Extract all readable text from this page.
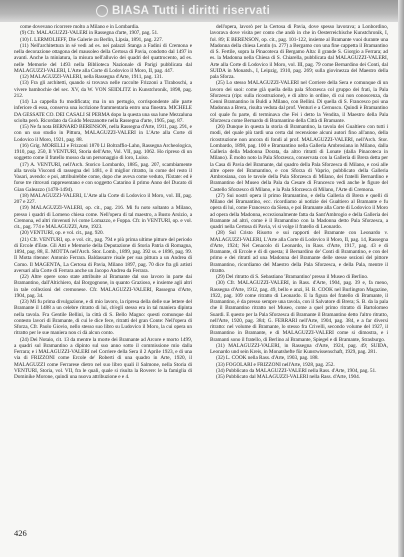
BIASA Tutti i diritti riservati

come dovevano ricorrere molto a Milano e in Lombardia.

(9) Cfr. MALAGUZZI-VALERI in Rassegna d'arte, 1907, pag. 51.

(10) I. LERMOLIEFF, Die Galerie zu Berlin, Lipsia, 1891, pag. 227.

(11) Nell'architettura in sé vedi ad es. nei palazzi Stanga a Fadini di Cremona e nella decorazione ottagona del mausoleo della Certosa di Pavia, condotto dal 1497 in avanti. Anche la miniatura, la misura nell'alluvio dei quadri del quattrocento, ad es. nelle Memorie del 1493 nella Biblioteca Nazionale di Parigi pubblicata dal MALAGUZZI-VALERI, L'Arte alla Corte di Lodovico il Moro, II, pag. 447.

(12) MALAGUZZI-VALERI, nella Rassegna d'Arte, 1911, pag. 131.

(13) Fra gli architetti, quando si trovava nelle raccolte Frizzoni a Tiraboschi, a vivere bambochie del sec. XV, da W. VON SEIDLITZ in Kunstchronik, 1898, pag. 212.

(14) La cappella fu modificata; ma in un pertugio, corrispondente alle parte inferiore di essa, conserva una iscrizione frammentaria entro una finestra. MICHELE DA GESSATE CO. DEI CASALI SI PERMA dopo la questa una sua lune Mezzaluna sciolta però. Ricordato da Guido Mezzanotte nella Rassegna d'arte, 1905, pag. 87.

(15) Ne fa nota BERNARD BERENSON, nella Rassegna d'Arte, 1911, pag. 291, e con un suo studio in Pittura, MALAGUZZI-VALERI in L'Arte alla Corte di Lodovico il Moro, 1921, pag. 88.

(16) Grig. MORELLI e Frizzoni 1870 Ll Boltraffio-Lahn, Rassegna Archeologica, 1910, pag. 250, Il VENTURI, Storia dell'Arte, Vol. VII, pag. 1062. Ho ripreso di un soggetto come il fratello mosso da un personaggio di loro, Luiso.

(17) A. VENTURI, nell'Arch. Storico Lombardo, 1885, pag. 207, scambiamente alla tavola Visconti di rassegna del 1481, e il miglior ritratto, in come del resto il Vasari, avendo: e poi, attribuirebbe come, dopo che aveva come veduto, l'Estate: ed è forse tre ritrovati rappresentano e con soggetto Catarino il primo Anno del Ducato di Gian Galeazzo (1478-1494).

(18) MALAGUZZI-VALERI, L'Arte alla Corte di Lodovico il Moro, vol. III, pag. 207 e 227.

(19) MALAGUZZI-VALERI, op. cit., pag. 216. Mi fu noto soltanto a Milano, presso i quadri di Lomeno chiesa come. Nell'opera di tal maestro, a Busto Arsizio, a Cremona, ed altri rinvenuti ivi come Lomazzo, e Foppa. Cfr. in VENTURI, op. e vol. cit., pag. 774 e MALAGUZZI, Arte, 1923.

(20) VENTURI, op. e vol. cit., pag. 920.

(21) Cfr. VENTURI, op. e vol. cit., pag. 794 e più prima ultime pitture del periodo di Ercole d'Este. Gli Atti e Memorie della Deputazione di Storia Patria di Romagna, 1894, pag. 88, E. MOTTA nell'Arch. Stor. Lomb., 1899, pag. 392 ss. e 1896, pag. 99. Il Motta ritenne: Antonio Ferrara. Baldassarre risale per sua pittura a un Andrea di Como. Il MAGENTA, La Certosa di Pavia, Milano 1897, pag. 70 dice fra gli artisti aversari alla Corte di Ferrara anche un Jacopo Andrea da Ferrara.

(22) Altre opere sono state attribuite al Bramante dal suo lavoro in parte dai Bramantino, dall'Altichiero, dal Borgognone, in quanto Grazioso, e insieme agli altri in tale collezioni del cremonese. Cfr. MALAGUZZI-VALERI, Rassegna d'Arte, 1904, pag. 34.

(23) Mi fu prima divulgazione, e di mio lavoro, la ripresa della delle sue lettere del Bramante il 1488 a un celebre ritratto di lui, ch'egli stesso era in tal maniera dipinta nella tavola. Fra Gentile Bellini, la città di S. Bello Magno: questi comunque dal contesto lavori di Bramante, di cui le dice fece, ritratti del gran Conte: Nell'opera di Sforza, Cfr. Paolo Giovio, nello stesso suo libro su Ludovico il Moro, la cui opera un ritratto per le sue maniera non ci dà alcun conto.

(24) Dei Notaio, cit. 13 da mentre la morte dei Bramante ad Arcore e morto 1499, a quadri sul Bramantino a dipinto sul suo anno sotto il commissione mio dalla Ferrara; e i MALAGUZZI-VALERI nel Corriere della Sera il 2 Aprile 1923, e di una via di FRIZZONI come Ercole de' Roberti di una quadro in Arte, 1920, il MALAGUZZI come Ferrarese dietro nel suo libro quali il Salmone, nella Storia di VENTURI, Storia, vol. VII, fra le quali, quale si risulta la Rovere: le la famiglia di Dominike Morone, quindi una nuova attribuzione e e 4.

dell'opera, lavorò per la Certosa di Pavia, dove spesso lavorava; a Lonbordino, lavorava dove visita per conto che andò in che in Oesterreichische Kunstchronik, I, fol. 89; E BERENSON, op. cit., pag. 101-122, insieme al Bramante vuoi durante una Madonna della chiesa Lentin (n. 277) a Bergamo con una fine cappetta il Bramantino di S. Fertile, sopra la Pinacoteca di Bergamo Alta: il grande S. Giorgio a Ferrara; ad es. la Madonna nella Chiesa di S. Chiarella, pubblicata dal MALAGUZZI-VALERI, Arte alla Corte di Lodovico il Moro, vol. III, pag. 79 come Bernardino dei Conti, dal SUIDA in Monatsh., I, Leipzig, 1910, pag. 269; sulla giovinezza del Maestro della pala Sforza.

(25) Lo stesso MALAGUZZI-VALERI nel Corriere della Sera e comunque di un lavoro dei suoi: come già quella della pala Sforzesca col gruppo dei frati, la Pala Sforzesca (ripr. sulla ricostruzione), e di altro in ordine, di cui non conoscenza, da Cenni Bramantino in Buldi a Milano, con Bellini. Di quella di S. Francesco poi una Madonna a Brera, risulta veduta dal prof. Venturi e a Cernusco. Quindi è Bramantino col quale fu parte, di terminava che Fei i detto la Vendita, il Maestro della Pala Sforzesca come Bernardo di Bramantino della Città di Bramante.

(26) Dunque in questa la storia di Bramantino, la tavola dei Gualtiero con tutti i modi, del quale più tardi una certa dal recensione alcuni autori fino all'anno, della ricostruzione non ancora di fondi al prof. MALAGUZZI-VALERI, nell'Arch. Stor. Lombardo, 1898, pag. 100 e Bramantino nella Galleria Ambrosiana in Milano, dalla Galleria della Madonna Dorata, da altro ritratti di Lonate (dalla Pinacoteca in Milano). È molto noto la Pala Sforzesca, conservata con la Galleria di Brera detta per la Casa di Pavia del Bramante, dal quadro della Pala Sforzesca di Milano, e così alle altre opere del Bramantino, e con Sforza di Vaprio, pubblicato della Galleria Ambrosiana, con le tavole della Pala Sforzesca di Milano, dei fratelli Bernardino e Bramantino del Museo della Pala da Cesare di Francesco vedi anche le figure del Castello Sforzesco di Milano, e la Pala Sforzesca di Milano, l'Arte di Cremona.

(27) Sui nostri opera il primo Bramantino, e della Galleria di Brera e quelli di Milano del Bramantino, ecc. ricordiamo ai notizie dei Gualtiero al Bramante e fu opera di lui, come Francesco da Siena, e poi Bramante alla Corte di Lodovico il Moro ad opera della Madonna, eccezionalmente fatta da Sant'Ambrogio e della Galleria dei Bramante ad altri, come è il Bramantino con la Madonna detto Pala Sforzesca, a quadri nella Certosa di Pavia, vi si volge il fratello di Leonardo.

(28) Sul Cristo Risorto e sui rapporti del Bramante con Leonardo v. MALAGUZZI-VALERI, L'Arte alla Corte di Lodovico il Moro, II, pag. 14, Rassegna d'Arte, 1924; Nel Cenacolo di Leonardo, in Rass. d'Arte, 1917, pag. 43 e di Bramante, di Ercole e di di questa; il Bernardino de' Conti di Bramantino, e con del primo e dei ritratti ad una Madonna del Bramante delle stesse sezioni del pittore Bramantino, ricordiamo del Maestro della Pala Sforzesca, e della Pala, mentre il ritratto.

(29) Del ritratto di S. Sebastiano 'Bramantino' presso il Museo di Berlino.

(30) Cfr. MALAGUZZI-VALERI, in Rass. d'Arte, 1904, pag. 39 e, fa meno, Rassegna d'Arte, 1912, pag. 49, bello e anzi, H. B. COOK nel Burlington Magazine, 1922, pag. 109 come ritratto di Leonardo. E la figura del fratello di Bramante, il Bramantino, è da presso sempre una tavola, con il Salvatore di Brera; S. B. da la pala che il Bramantino ritratto nel Museo, come a quel primo ritratto di Bartolomeo Suardi. E questo per la Pala Sforzesca di Bramante il Bramantino detto l'altro ritratto, nell'Arte, 1920, pag. 384; G. FERRARI nell'Arte, 1904, pag. 384, e a far diversi ritratto: nel volume di Bramante, lo stesso fra Crivelli, secondo volume del 1927, il Bramantino in Bramante, e di MALAGUZZI-VALERI come si dimostra, e i Bramanti sono il fratello, di Berlino al Bramante, Spiegel e di Bramante, Strasburgo.

(31) MALAGUZZI-VALERI, in Rassegna d'Arte, 1924, pag. 49; SUIDA, Leonardo und sein Kreis, in Monatshefte für Kunstwissenschaft, 1929, pag. 281.

(32) L. COOK nella Rass. d'Arte, 1903, pag. 188.

(33) FOGOLARI e FRIZZONI nell'Arte, 1928, pag. 252.

(34) Pubblicato da MALAGUZZI-VALERI nella Rass. d'Arte, 1904, pag. 51.

(35) Pubblicato dal MALAGUZZI-VALERI nella Rass. d'Arte, 1904.

426
